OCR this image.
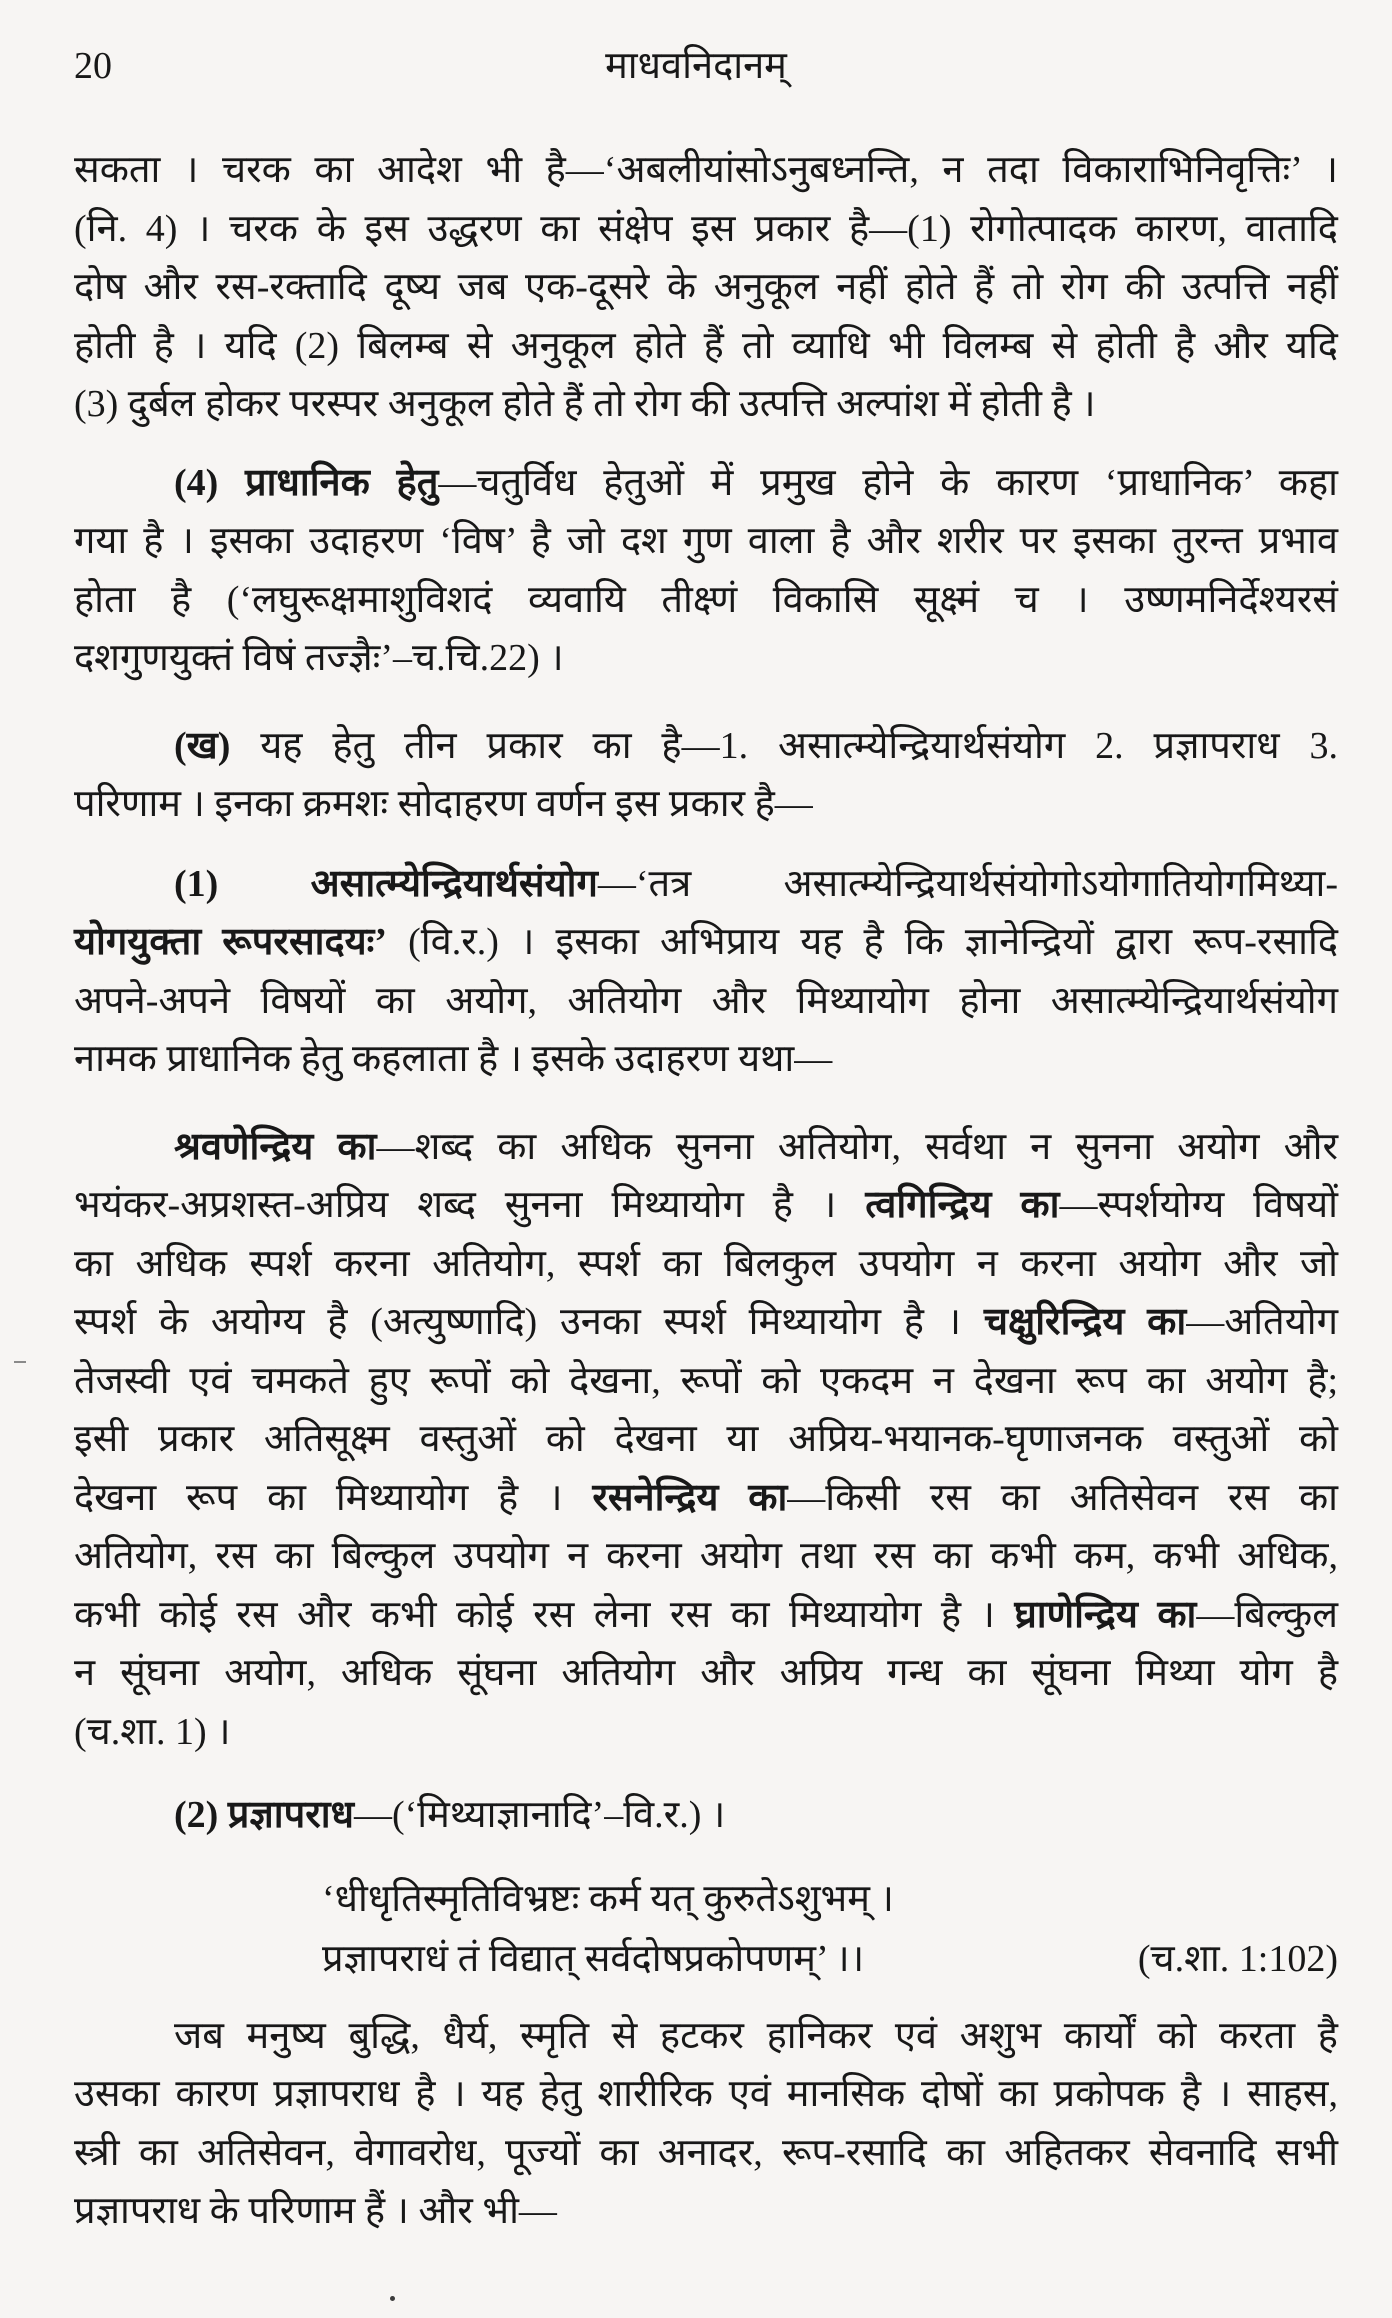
20	माधवनिदानम्
सकता । चरक का आदेश भी है—‘अबलीयांसोऽनुबध्नन्ति, न तदा विकाराभिनिवृत्तिः’ ।
(नि. 4) । चरक के इस उद्धरण का संक्षेप इस प्रकार है—(1) रोगोत्पादक कारण, वातादि
दोष और रस-रक्तादि दूष्य जब एक-दूसरे के अनुकूल नहीं होते हैं तो रोग की उत्पत्ति नहीं
होती है । यदि (2) बिलम्ब से अनुकूल होते हैं तो व्याधि भी विलम्ब से होती है और यदि
(3) दुर्बल होकर परस्पर अनुकूल होते हैं तो रोग की उत्पत्ति अल्पांश में होती है ।
(4) प्राधानिक हेतु—चतुर्विध हेतुओं में प्रमुख होने के कारण ‘प्राधानिक’ कहा
गया है । इसका उदाहरण ‘विष’ है जो दश गुण वाला है और शरीर पर इसका तुरन्त प्रभाव
होता है (‘लघुरूक्षमाशुविशदं व्यवायि तीक्ष्णं विकासि सूक्ष्मं च । उष्णमनिर्देश्यरसं
दशगुणयुक्तं विषं तज्ज्ञैः’–च.चि.22) ।
(ख) यह हेतु तीन प्रकार का है—1. असात्म्येन्द्रियार्थसंयोग 2. प्रज्ञापराध 3.
परिणाम । इनका क्रमशः सोदाहरण वर्णन इस प्रकार है—
(1) असात्म्येन्द्रियार्थसंयोग—‘तत्र असात्म्येन्द्रियार्थसंयोगोऽयोगातियोगमिथ्या-
योगयुक्ता रूपरसादयः’ (वि.र.) । इसका अभिप्राय यह है कि ज्ञानेन्द्रियों द्वारा रूप-रसादि
अपने-अपने विषयों का अयोग, अतियोग और मिथ्यायोग होना असात्म्येन्द्रियार्थसंयोग
नामक प्राधानिक हेतु कहलाता है । इसके उदाहरण यथा—
श्रवणेन्द्रिय का—शब्द का अधिक सुनना अतियोग, सर्वथा न सुनना अयोग और
भयंकर-अप्रशस्त-अप्रिय शब्द सुनना मिथ्यायोग है । त्वगिन्द्रिय का—स्पर्शयोग्य विषयों
का अधिक स्पर्श करना अतियोग, स्पर्श का बिलकुल उपयोग न करना अयोग और जो
स्पर्श के अयोग्य है (अत्युष्णादि) उनका स्पर्श मिथ्यायोग है । चक्षुरिन्द्रिय का—अतियोग
तेजस्वी एवं चमकते हुए रूपों को देखना, रूपों को एकदम न देखना रूप का अयोग है;
इसी प्रकार अतिसूक्ष्म वस्तुओं को देखना या अप्रिय-भयानक-घृणाजनक वस्तुओं को
देखना रूप का मिथ्यायोग है । रसनेन्द्रिय का—किसी रस का अतिसेवन रस का
अतियोग, रस का बिल्कुल उपयोग न करना अयोग तथा रस का कभी कम, कभी अधिक,
कभी कोई रस और कभी कोई रस लेना रस का मिथ्यायोग है । घ्राणेन्द्रिय का—बिल्कुल
न सूंघना अयोग, अधिक सूंघना अतियोग और अप्रिय गन्ध का सूंघना मिथ्या योग है
(च.शा. 1) ।
(2) प्रज्ञापराध—(‘मिथ्याज्ञानादि’–वि.र.) ।
‘धीधृतिस्मृतिविभ्रष्टः कर्म यत् कुरुतेऽशुभम् ।
प्रज्ञापराधं तं विद्यात् सर्वदोषप्रकोपणम्’ ।।	(च.शा. 1:102)
जब मनुष्य बुद्धि, धैर्य, स्मृति से हटकर हानिकर एवं अशुभ कार्यों को करता है
उसका कारण प्रज्ञापराध है । यह हेतु शारीरिक एवं मानसिक दोषों का प्रकोपक है । साहस,
स्त्री का अतिसेवन, वेगावरोध, पूज्यों का अनादर, रूप-रसादि का अहितकर सेवनादि सभी
प्रज्ञापराध के परिणाम हैं । और भी—
